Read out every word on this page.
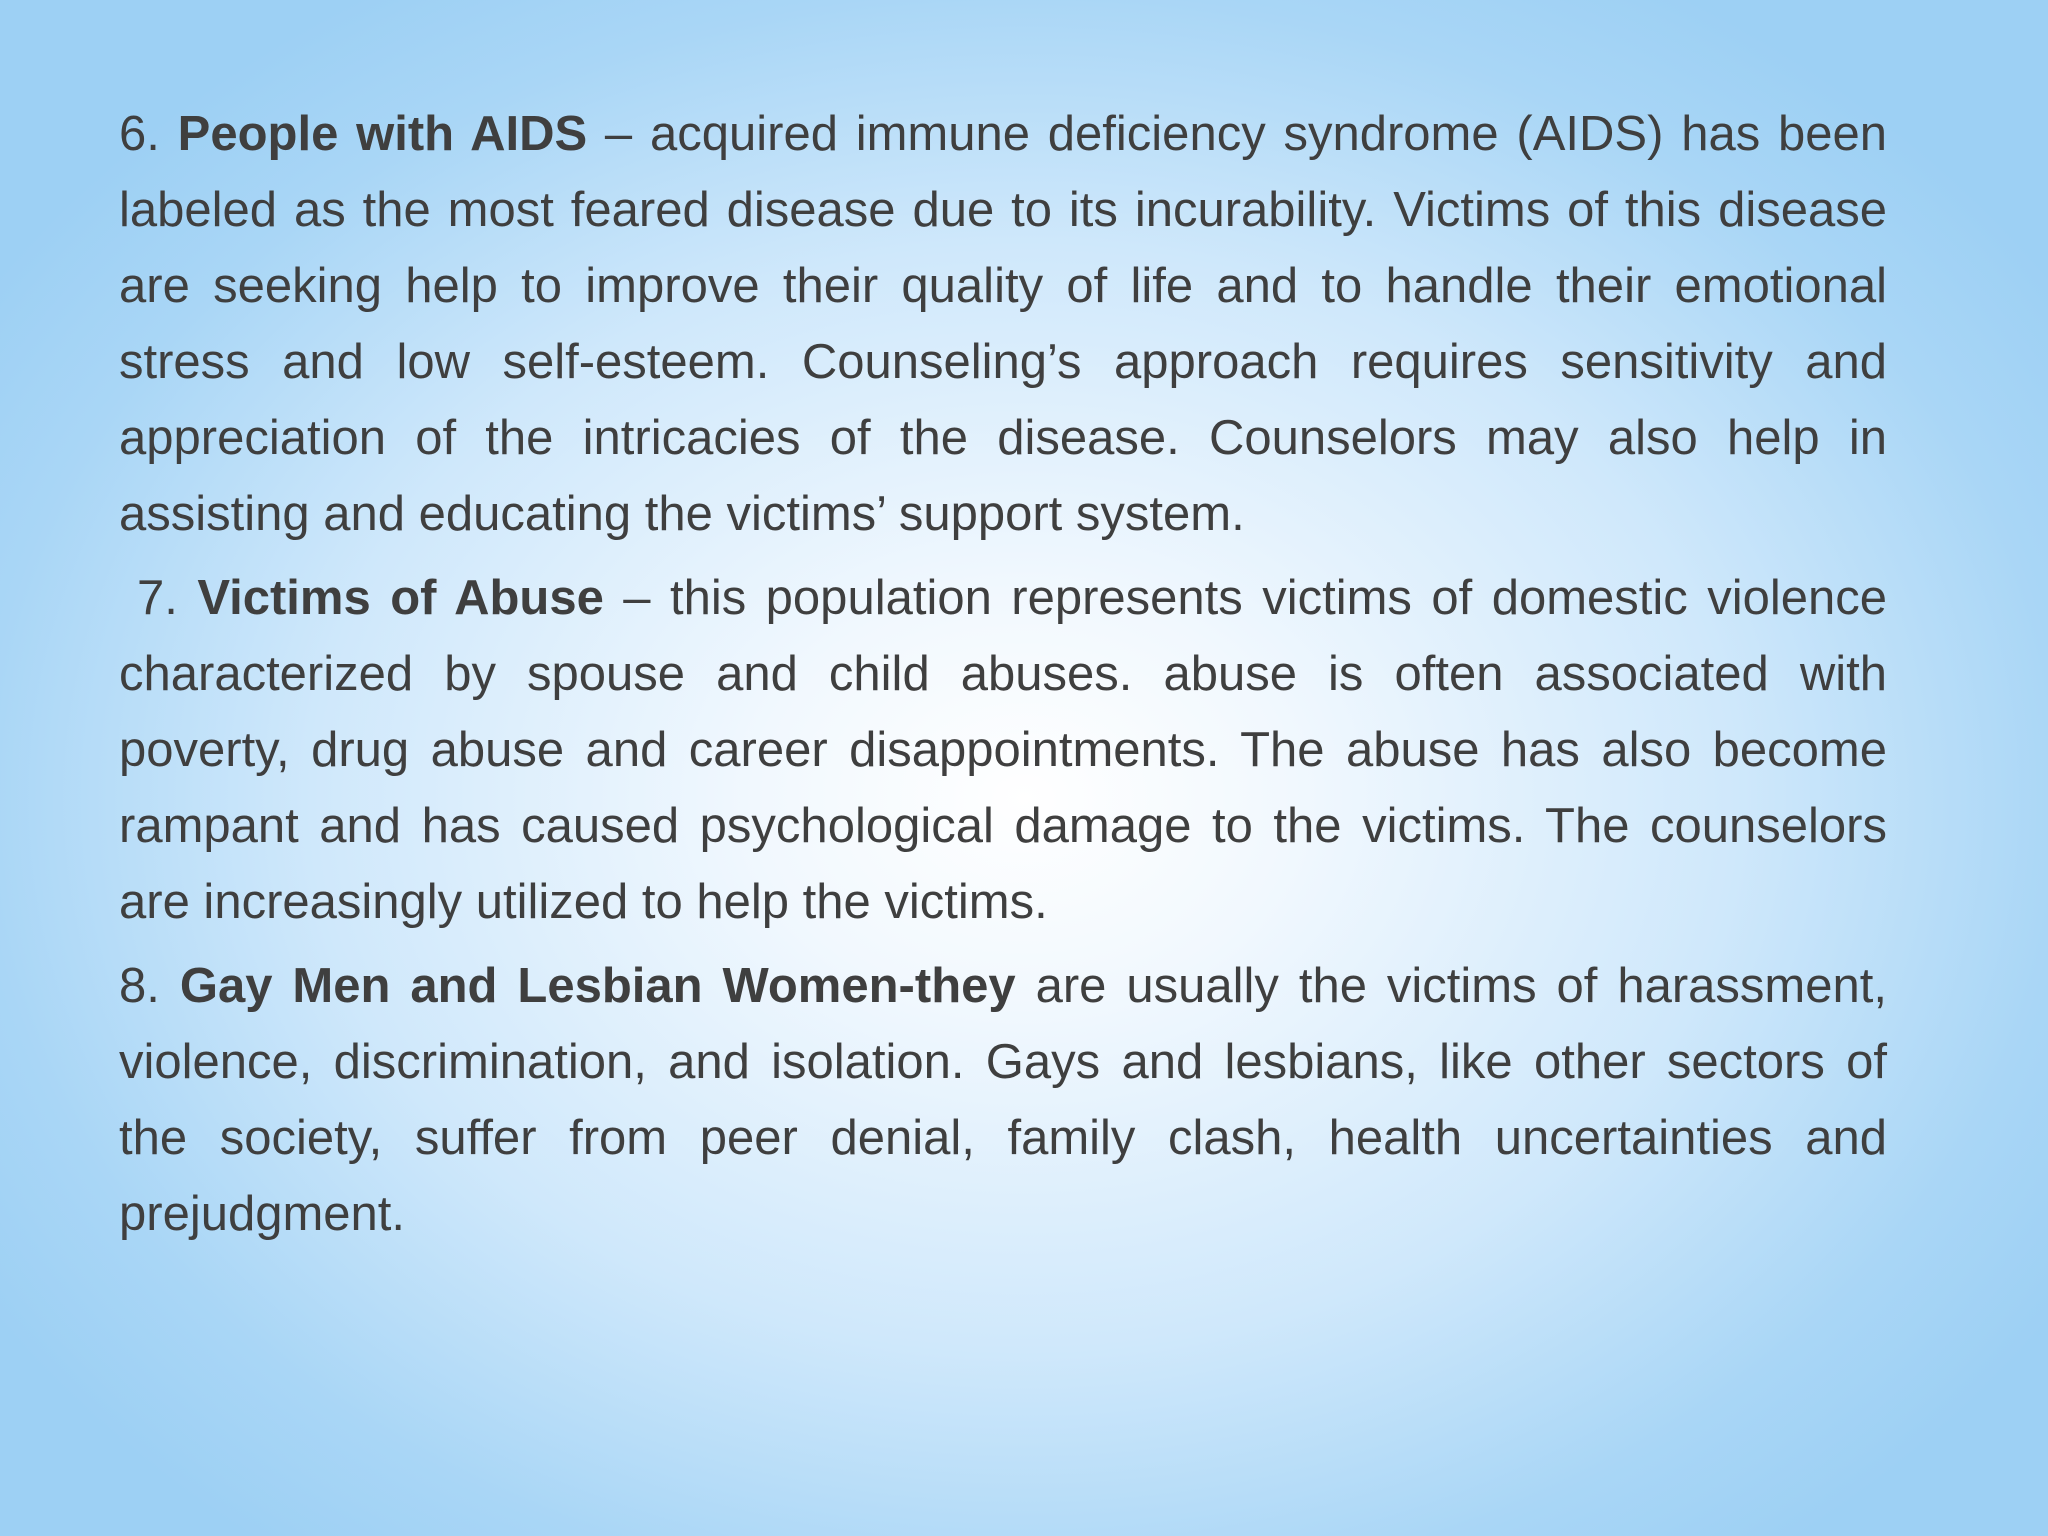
6. People with AIDS – acquired immune deficiency syndrome (AIDS) has been labeled as the most feared disease due to its incurability. Victims of this disease are seeking help to improve their quality of life and to handle their emotional stress and low self-esteem. Counseling’s approach requires sensitivity and appreciation of the intricacies of the disease. Counselors may also help in assisting and educating the victims’ support system.

7. Victims of Abuse – this population represents victims of domestic violence characterized by spouse and child abuses. abuse is often associated with poverty, drug abuse and career disappointments. The abuse has also become rampant and has caused psychological damage to the victims. The counselors are increasingly utilized to help the victims.

8. Gay Men and Lesbian Women-they are usually the victims of harassment, violence, discrimination, and isolation. Gays and lesbians, like other sectors of the society, suffer from peer denial, family clash, health uncertainties and prejudgment.
